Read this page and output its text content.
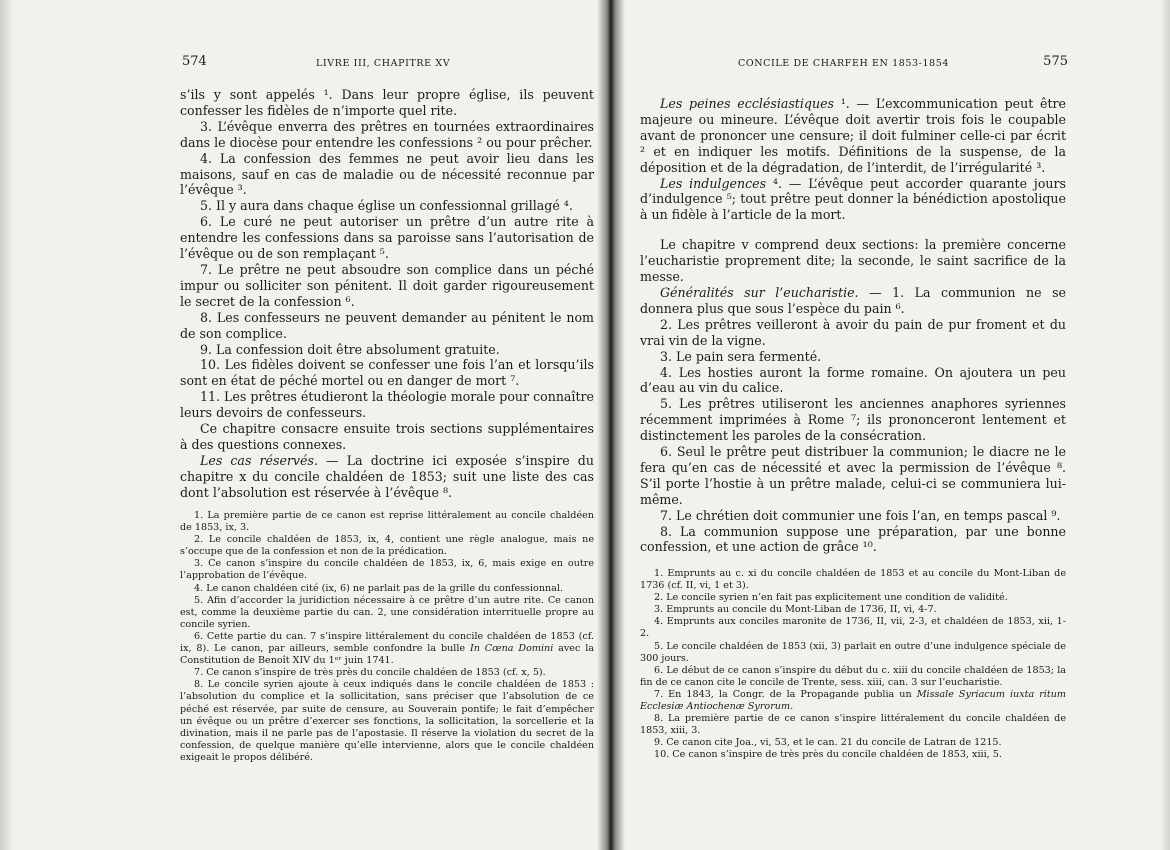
574	LIVRE III, CHAPITRE XV

s’ils y sont appelés ¹. Dans leur propre église, ils peuvent confesser les fidèles de n’importe quel rite.

3. L’évêque enverra des prêtres en tournées extraordinaires dans le diocèse pour entendre les confessions ² ou pour prêcher.

4. La confession des femmes ne peut avoir lieu dans les maisons, sauf en cas de maladie ou de nécessité reconnue par l’évêque ³.

5. Il y aura dans chaque église un confessionnal grillagé ⁴.

6. Le curé ne peut autoriser un prêtre d’un autre rite à entendre les confessions dans sa paroisse sans l’autorisation de l’évêque ou de son remplaçant ⁵.

7. Le prêtre ne peut absoudre son complice dans un péché impur ou solliciter son pénitent. Il doit garder rigoureusement le secret de la confession ⁶.

8. Les confesseurs ne peuvent demander au pénitent le nom de son complice.

9. La confession doit être absolument gratuite.

10. Les fidèles doivent se confesser une fois l’an et lorsqu’ils sont en état de péché mortel ou en danger de mort ⁷.

11. Les prêtres étudieront la théologie morale pour connaître leurs devoirs de confesseurs.

Ce chapitre consacre ensuite trois sections supplémentaires à des questions connexes.

Les cas réservés. — La doctrine ici exposée s’inspire du chapitre x du concile chaldéen de 1853; suit une liste des cas dont l’absolution est réservée à l’évêque ⁸.

1. La première partie de ce canon est reprise littéralement au concile chaldéen de 1853, ix, 3.

2. Le concile chaldéen de 1853, ix, 4, contient une règle analogue, mais ne s’occupe que de la confession et non de la prédication.

3. Ce canon s’inspire du concile chaldéen de 1853, ix, 6, mais exige en outre l’approbation de l’évêque.

4. Le canon chaldéen cité (ix, 6) ne parlait pas de la grille du confessionnal.

5. Afin d’accorder la juridiction nécessaire à ce prêtre d’un autre rite. Ce canon est, comme la deuxième partie du can. 2, une considération interrituelle propre au concile syrien.

6. Cette partie du can. 7 s’inspire littéralement du concile chaldéen de 1853 (cf. ix, 8). Le canon, par ailleurs, semble confondre la bulle In Cœna Domini avec la Constitution de Benoît XIV du 1ᵉʳ juin 1741.

7. Ce canon s’inspire de très près du concile chaldéen de 1853 (cf. x, 5).

8. Le concile syrien ajoute à ceux indiqués dans le concile chaldéen de 1853 : l’absolution du complice et la sollicitation, sans préciser que l’absolution de ce péché est réservée, par suite de censure, au Souverain pontife; le fait d’empêcher un évêque ou un prêtre d’exercer ses fonctions, la sollicitation, la sorcellerie et la divination, mais il ne parle pas de l’apostasie. Il réserve la violation du secret de la confession, de quelque manière qu’elle intervienne, alors que le concile chaldéen exigeait le propos délibéré.

CONCILE DE CHARFEH EN 1853-1854	575

Les peines ecclésiastiques ¹. — L’excommunication peut être majeure ou mineure. L’évêque doit avertir trois fois le coupable avant de prononcer une censure; il doit fulminer celle-ci par écrit ² et en indiquer les motifs. Définitions de la suspense, de la déposition et de la dégradation, de l’interdit, de l’irrégularité ³.

Les indulgences ⁴. — L’évêque peut accorder quarante jours d’indulgence ⁵; tout prêtre peut donner la bénédiction apostolique à un fidèle à l’article de la mort.

Le chapitre v comprend deux sections: la première concerne l’eucharistie proprement dite; la seconde, le saint sacrifice de la messe.

Généralités sur l’eucharistie. — 1. La communion ne se donnera plus que sous l’espèce du pain ⁶.

2. Les prêtres veilleront à avoir du pain de pur froment et du vrai vin de la vigne.

3. Le pain sera fermenté.

4. Les hosties auront la forme romaine. On ajoutera un peu d’eau au vin du calice.

5. Les prêtres utiliseront les anciennes anaphores syriennes récemment imprimées à Rome ⁷; ils prononceront lentement et distinctement les paroles de la consécration.

6. Seul le prêtre peut distribuer la communion; le diacre ne le fera qu’en cas de nécessité et avec la permission de l’évêque ⁸. S’il porte l’hostie à un prêtre malade, celui-ci se communiera lui-même.

7. Le chrétien doit communier une fois l’an, en temps pascal ⁹.

8. La communion suppose une préparation, par une bonne confession, et une action de grâce ¹⁰.

1. Emprunts au c. xi du concile chaldéen de 1853 et au concile du Mont-Liban de 1736 (cf. II, vi, 1 et 3).

2. Le concile syrien n’en fait pas explicitement une condition de validité.

3. Emprunts au concile du Mont-Liban de 1736, II, vi, 4-7.

4. Emprunts aux conciles maronite de 1736, II, vii, 2-3, et chaldéen de 1853, xii, 1-2.

5. Le concile chaldéen de 1853 (xii, 3) parlait en outre d’une indulgence spéciale de 300 jours.

6. Le début de ce canon s’inspire du début du c. xiii du concile chaldéen de 1853; la fin de ce canon cite le concile de Trente, sess. xiii, can. 3 sur l’eucharistie.

7. En 1843, la Congr. de la Propagande publia un Missale Syriacum iuxta ritum Ecclesiæ Antiochenæ Syrorum.

8. La première partie de ce canon s’inspire littéralement du concile chaldéen de 1853, xiii, 3.

9. Ce canon cite Joa., vi, 53, et le can. 21 du concile de Latran de 1215.

10. Ce canon s’inspire de très près du concile chaldéen de 1853, xiii, 5.
